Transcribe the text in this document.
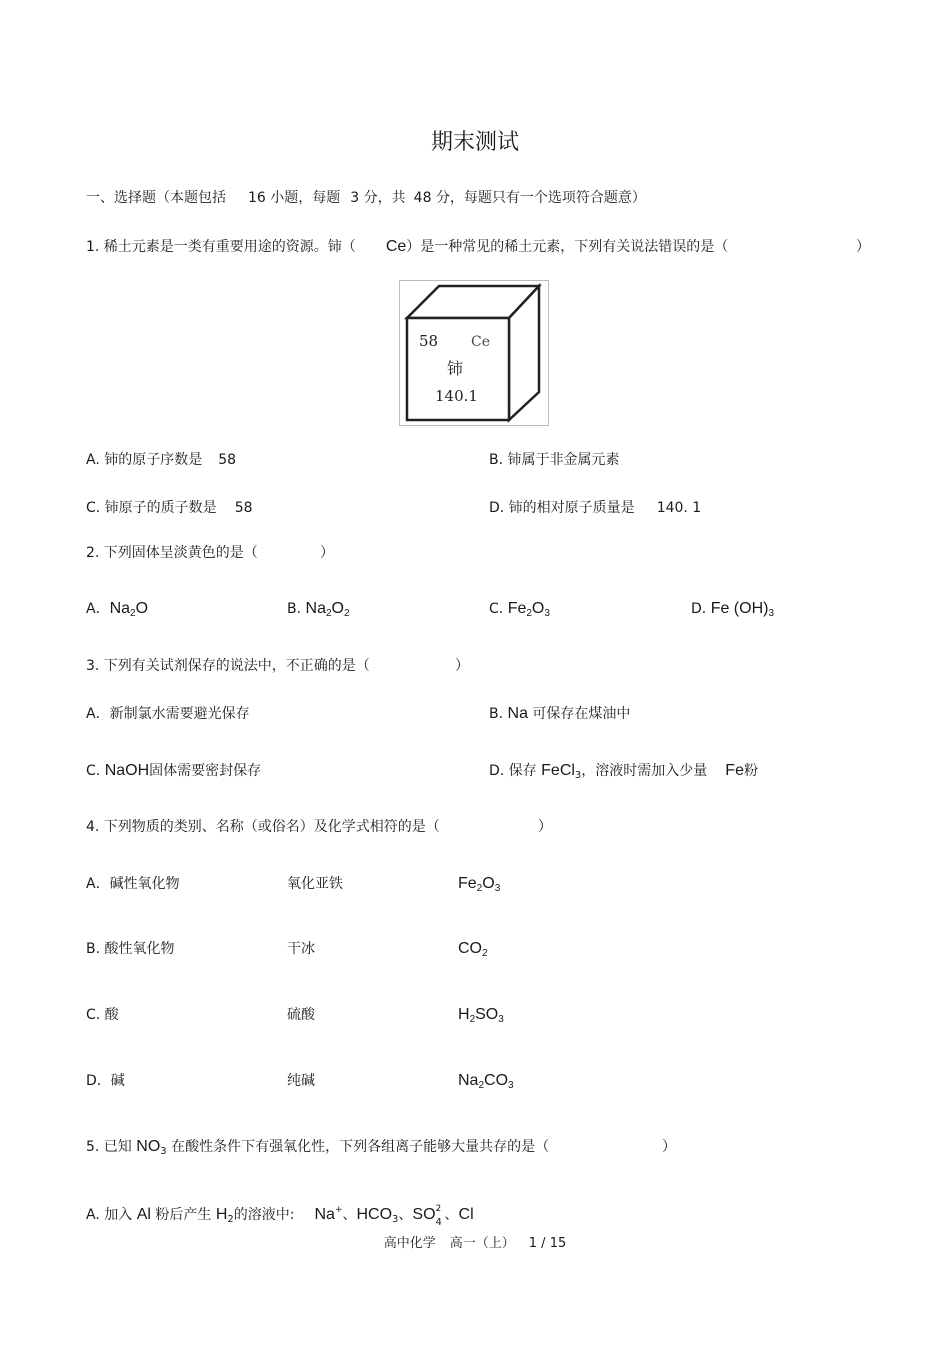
期末测试
一、选择题（本题包括 16 小题，每题 3 分，共 48 分，每题只有一个选项符合题意）
1. 稀土元素是一类有重要用途的资源。铈（ Ce）是一种常见的稀土元素，下列有关说法错误的是（	）
58 Ce
铈
140.1
A. 铈的原子序数是 58	B. 铈属于非金属元素
C. 铈原子的质子数是 58	D. 铈的相对原子质量是 140. 1
2. 下列固体呈淡黄色的是（	）
A．$Na_2O$	B. $Na_2O_2$	C. $Fe_2O_3$	D. Fe $(OH)_3$
3. 下列有关试剂保存的说法中，不正确的是（	）
A．新制氯水需要避光保存	B. Na 可保存在煤油中
C. NaOH固体需要密封保存	D. 保存 FeCl$_3$，溶液时需加入少量 Fe粉
4. 下列物质的类别、名称（或俗名）及化学式相符的是（	）
A．碱性氧化物	氧化亚铁	$Fe_2O_3$
B. 酸性氧化物	干冰	$CO_2$
C. 酸	硫酸	$H_2SO_3$
D．碱	纯碱	$Na_2CO_3$
5. 已知 $NO_3$ 在酸性条件下有强氧化性，下列各组离子能够大量共存的是（	）
A. 加入 Al 粉后产生 $H_2$的溶液中: Na+、$HCO_3$、SO 2
4 、Cl
高中化学 高一（上） 1 / 15
